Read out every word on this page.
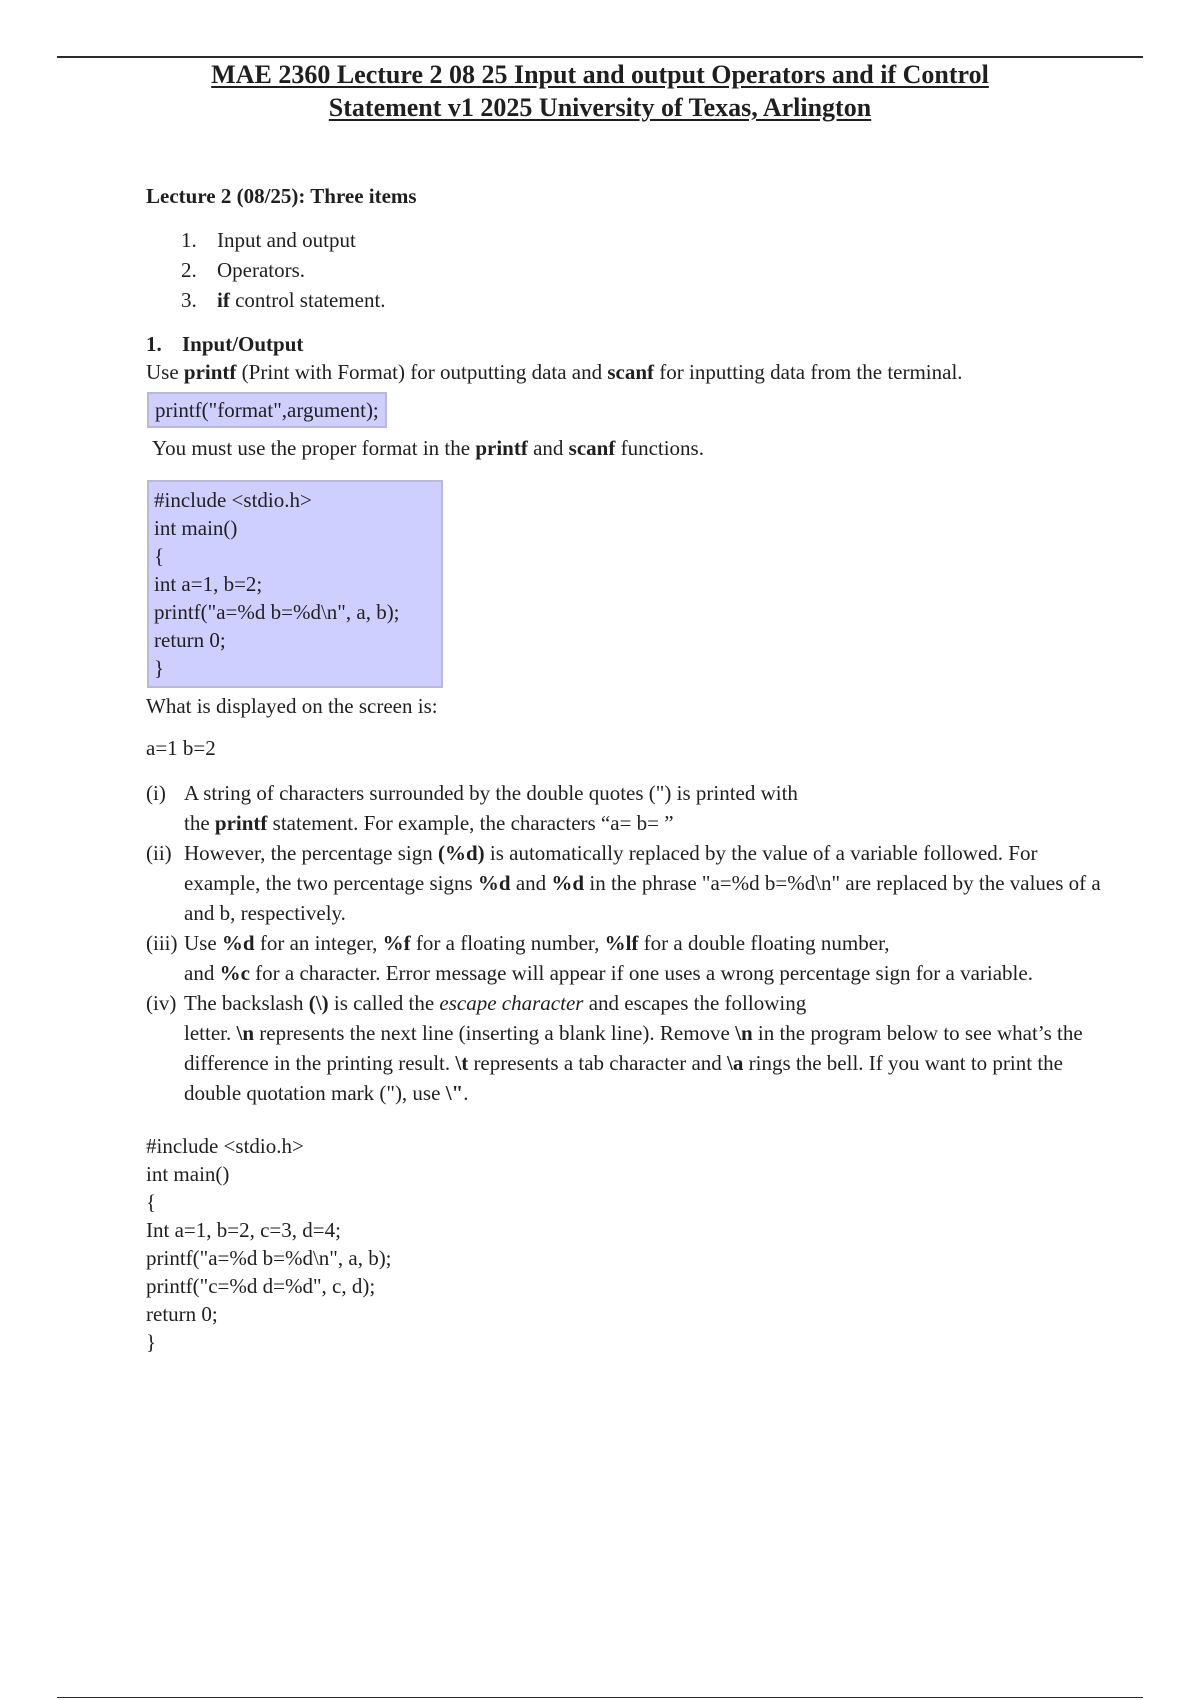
MAE 2360 Lecture 2 08 25 Input and output Operators and if Control
Statement v1 2025 University of Texas, Arlington

Lecture 2 (08/25): Three items

1. Input and output
2. Operators.
3. if control statement.

1. Input/Output

Use printf (Print with Format) for outputting data and scanf for inputting data from the terminal.

printf("format",argument);

You must use the proper format in the printf and scanf functions.

#include <stdio.h>
int main()
{
int a=1, b=2;
printf("a=%d b=%d\n", a, b);
return 0;
}

What is displayed on the screen is:

a=1 b=2

(i) A string of characters surrounded by the double quotes (") is printed with
the printf statement. For example, the characters “a= b= ”
(ii) However, the percentage sign (%d) is automatically replaced by the value of a variable followed. For example, the two percentage signs %d and %d in the phrase "a=%d b=%d\n" are replaced by the values of a and b, respectively.
(iii) Use %d for an integer, %f for a floating number, %lf for a double floating number,
and %c for a character. Error message will appear if one uses a wrong percentage sign for a variable.
(iv) The backslash (\) is called the escape character and escapes the following
letter. \n represents the next line (inserting a blank line). Remove \n in the program below to see what’s the difference in the printing result. \t represents a tab character and \a rings the bell. If you want to print the double quotation mark ("), use \".
#include <stdio.h>
int main()
{
Int a=1, b=2, c=3, d=4;
printf("a=%d b=%d\n", a, b);
printf("c=%d d=%d", c, d);
return 0;
}
